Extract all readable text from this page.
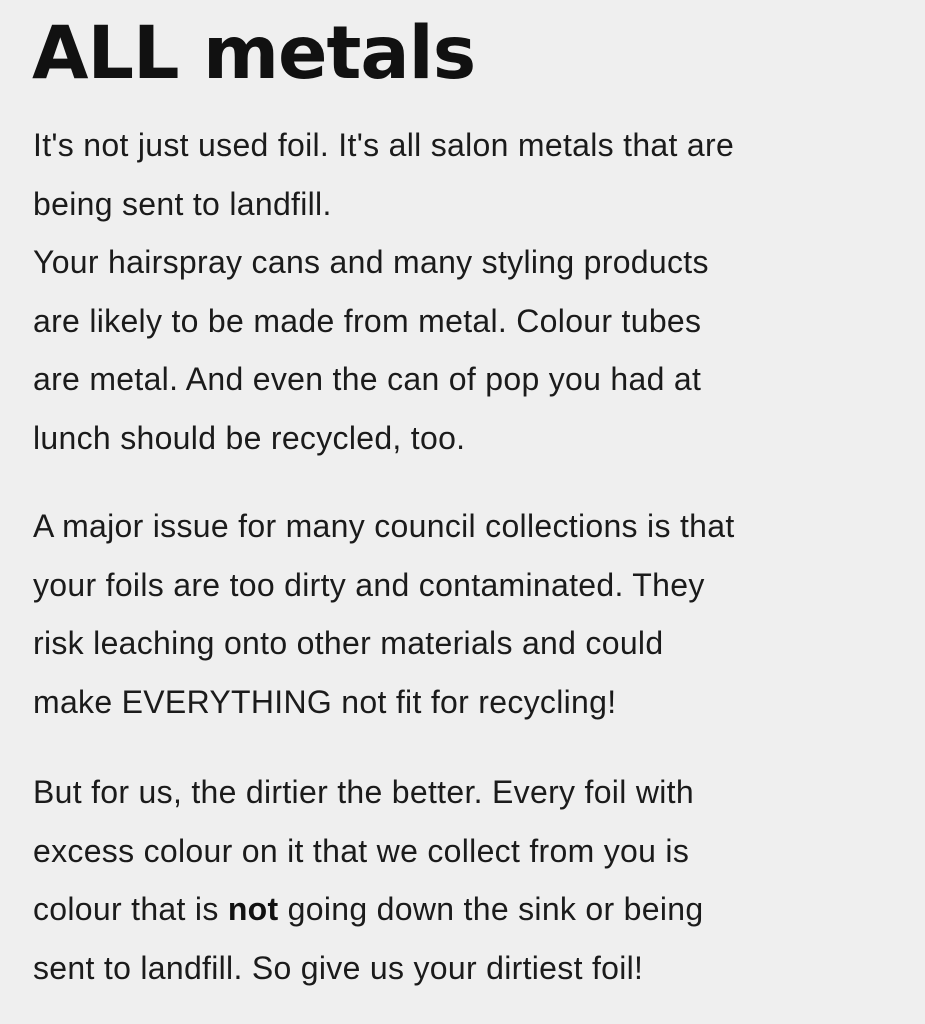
ALL metals

It's not just used foil. It's all salon metals that are
being sent to landfill.
Your hairspray cans and many styling products
are likely to be made from metal. Colour tubes
are metal. And even the can of pop you had at
lunch should be recycled, too.

A major issue for many council collections is that
your foils are too dirty and contaminated. They
risk leaching onto other materials and could
make EVERYTHING not fit for recycling!

But for us, the dirtier the better. Every foil with
excess colour on it that we collect from you is
colour that is not going down the sink or being
sent to landfill. So give us your dirtiest foil!
